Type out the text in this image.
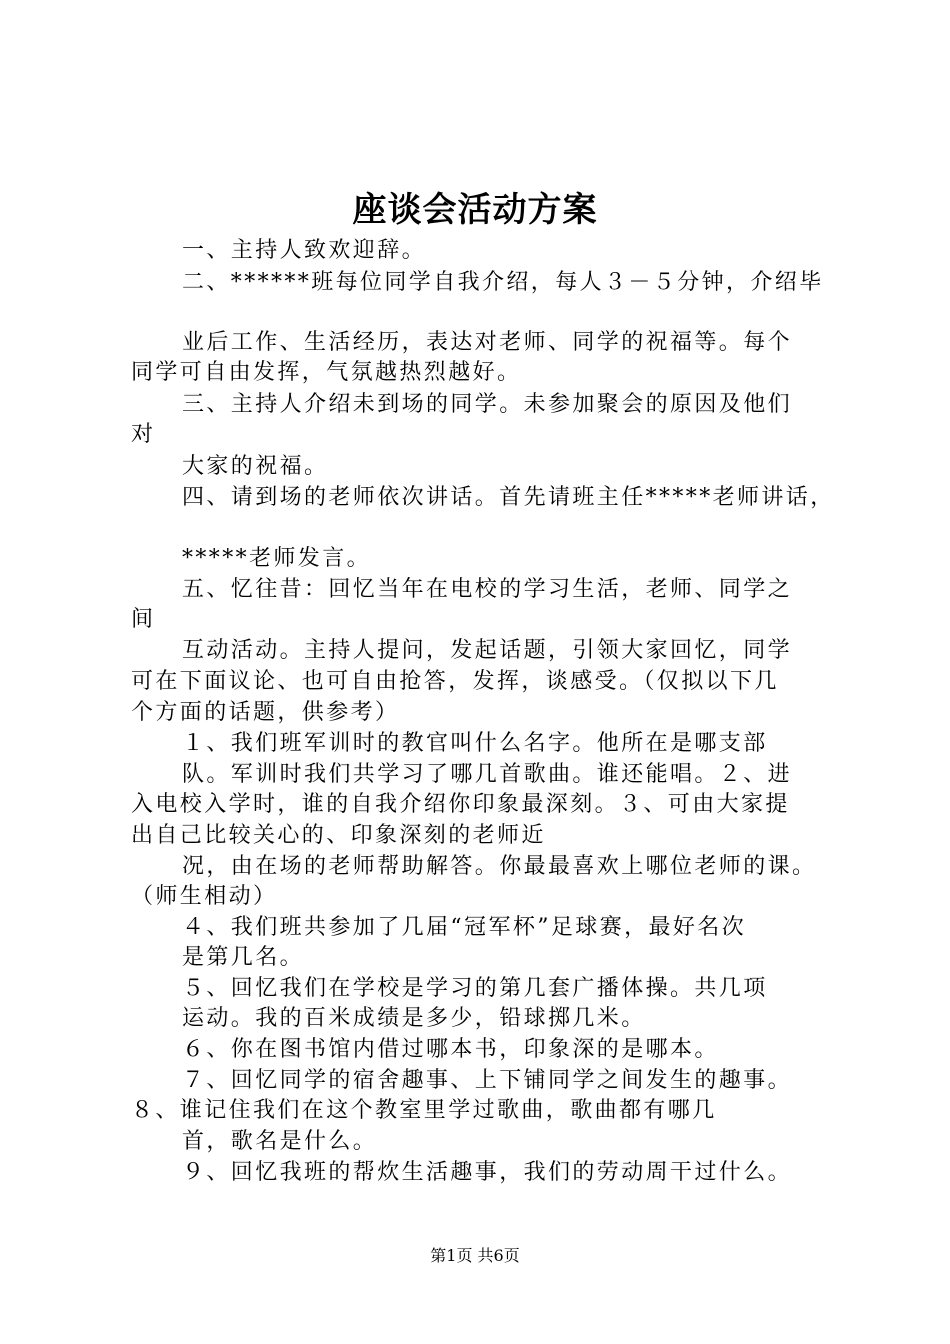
座谈会活动方案
一、主持人致欢迎辞。
二、******班每位同学自我介绍，每人３－５分钟，介绍毕
业后工作、生活经历，表达对老师、同学的祝福等。每个
同学可自由发挥，气氛越热烈越好。
三、主持人介绍未到场的同学。未参加聚会的原因及他们
对
大家的祝福。
四、请到场的老师依次讲话。首先请班主任*****老师讲话，
*****老师发言。
五、忆往昔：回忆当年在电校的学习生活，老师、同学之
间
互动活动。主持人提问，发起话题，引领大家回忆，同学
可在下面议论、也可自由抢答，发挥，谈感受。（仅拟以下几
个方面的话题，供参考）
１、我们班军训时的教官叫什么名字。他所在是哪支部
队。军训时我们共学习了哪几首歌曲。谁还能唱。２、进
入电校入学时，谁的自我介绍你印象最深刻。３、可由大家提
出自己比较关心的、印象深刻的老师近
况，由在场的老师帮助解答。你最最喜欢上哪位老师的课。
（师生相动）
４、我们班共参加了几届“冠军杯”足球赛，最好名次
是第几名。
５、回忆我们在学校是学习的第几套广播体操。共几项
运动。我的百米成绩是多少，铅球掷几米。
６、你在图书馆内借过哪本书，印象深的是哪本。
７、回忆同学的宿舍趣事、上下铺同学之间发生的趣事。
８、谁记住我们在这个教室里学过歌曲，歌曲都有哪几
首，歌名是什么。
９、回忆我班的帮炊生活趣事，我们的劳动周干过什么。
第1页 共6页
